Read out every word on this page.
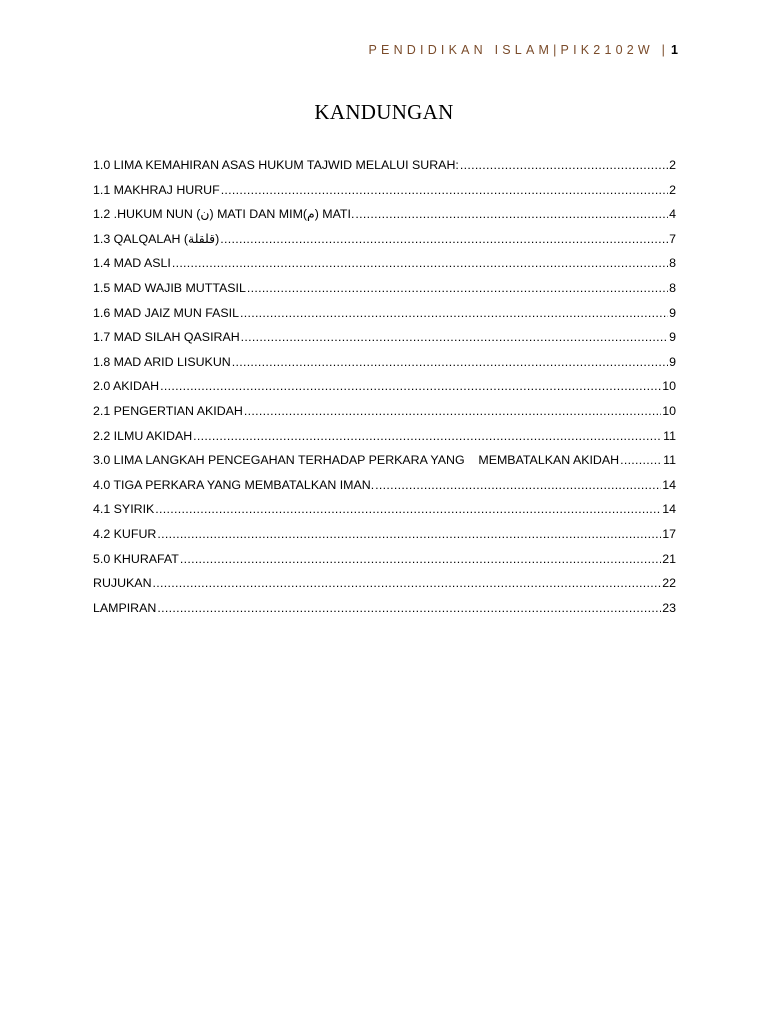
PENDIDIKAN ISLAM|PIK2102W | 1
KANDUNGAN
1.0 LIMA KEMAHIRAN ASAS HUKUM TAJWID MELALUI SURAH: .....	2
1.1 MAKHRAJ HURUF .....	2
1.2 .HUKUM NUN (ن) MATI DAN MIM(م) MATI. .....	4
1.3 QALQALAH (قلقلة) .....	7
1.4 MAD ASLI .....	8
1.5 MAD WAJIB MUTTASIL .....	8
1.6 MAD JAIZ MUN FASIL .....	9
1.7 MAD SILAH QASIRAH .....	9
1.8 MAD ARID LISUKUN .....	9
2.0 AKIDAH .....	10
2.1 PENGERTIAN AKIDAH .....	10
2.2 ILMU AKIDAH .....	11
3.0 LIMA LANGKAH PENCEGAHAN TERHADAP PERKARA YANG    MEMBATALKAN AKIDAH .....	11
4.0 TIGA PERKARA YANG MEMBATALKAN IMAN. .....	14
4.1 SYIRIK .....	14
4.2 KUFUR .....	17
5.0 KHURAFAT .....	21
RUJUKAN .....	22
LAMPIRAN .....	23
